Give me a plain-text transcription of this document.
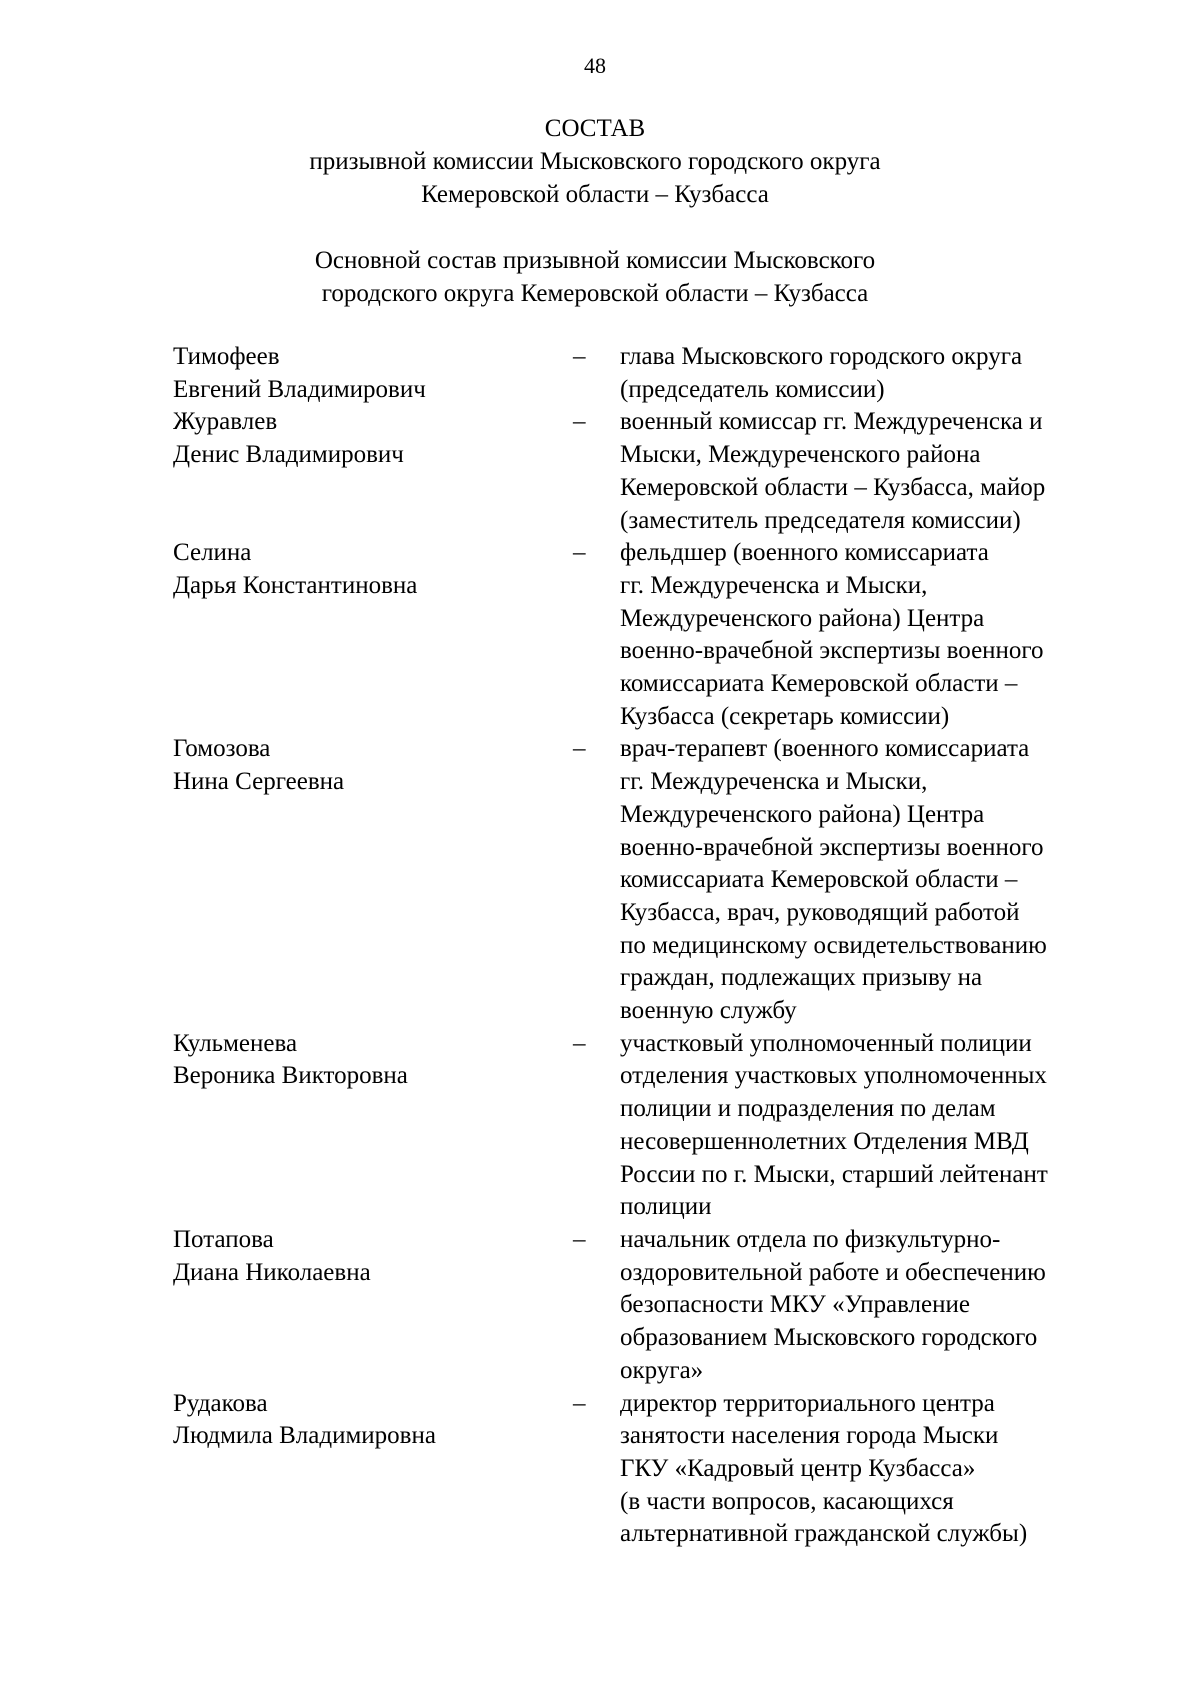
48
СОСТАВ
призывной комиссии Мысковского городского округа
Кемеровской области – Кузбасса
Основной состав призывной комиссии Мысковского
городского округа Кемеровской области – Кузбасса
Тимофеев
Евгений Владимирович
–	глава Мысковского городского округа
(председатель комиссии)
Журавлев
Денис Владимирович
–	военный комиссар гг. Междуреченска и
Мыски, Междуреченского района
Кемеровской области – Кузбасса, майор
(заместитель председателя комиссии)
Селина
Дарья Константиновна
–	фельдшер (военного комиссариата
гг. Междуреченска и Мыски,
Междуреченского района) Центра
военно-врачебной экспертизы военного
комиссариата Кемеровской области –
Кузбасса (секретарь комиссии)
Гомозова
Нина Сергеевна
–	врач-терапевт (военного комиссариата
гг. Междуреченска и Мыски,
Междуреченского района) Центра
военно-врачебной экспертизы военного
комиссариата Кемеровской области –
Кузбасса, врач, руководящий работой
по медицинскому освидетельствованию
граждан, подлежащих призыву на
военную службу
Кульменева
Вероника Викторовна
–	участковый уполномоченный полиции
отделения участковых уполномоченных
полиции и подразделения по делам
несовершеннолетних Отделения МВД
России по г. Мыски, старший лейтенант
полиции
Потапова
Диана Николаевна
–	начальник отдела по физкультурно-
оздоровительной работе и обеспечению
безопасности МКУ «Управление
образованием Мысковского городского
округа»
Рудакова
Людмила Владимировна
–	директор территориального центра
занятости населения города Мыски
ГКУ «Кадровый центр Кузбасса»
(в части вопросов, касающихся
альтернативной гражданской службы)
